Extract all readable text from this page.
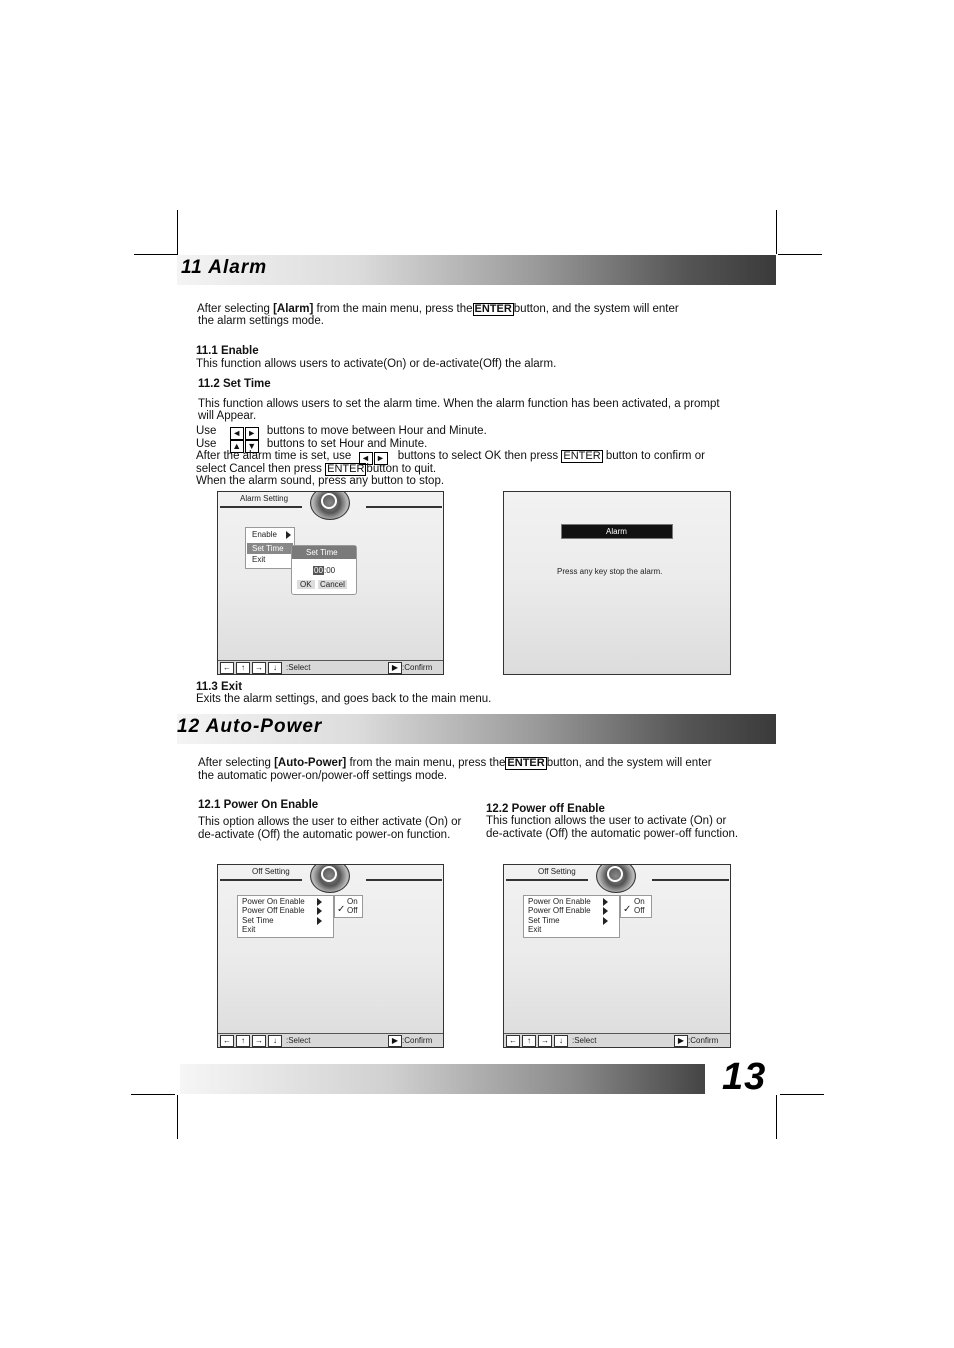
11 Alarm
After selecting [Alarm] from the main menu, press the ENTER button, and the system will enter
the alarm settings mode.
11.1 Enable
This function allows users to activate(On) or de-activate(Off) the alarm.
11.2 Set Time
This function allows users to set the alarm time. When the alarm function has been activated, a prompt
will Appear.
Use ◄ ► buttons to move between Hour and Minute.
Use ▲ ▼ buttons to set Hour and Minute.
After the alarm time is set, use ◄ ► buttons to select OK then press ENTER button to confirm or
select Cancel then press ENTER button to quit.
When the alarm sound, press any button to stop.
Alarm Setting
Enable
Set Time
Exit
Set Time
00 :00
OK	Cancel
←	↑	→	↓	:Select	▶ :Confirm
Alarm
Press any key stop the alarm.
11.3 Exit
Exits the alarm settings, and goes back to the main menu.
12 Auto-Power
After selecting [Auto-Power] from the main menu, press the ENTER button, and the system will enter
the automatic power-on/power-off settings mode.
12.1 Power On Enable
This option allows the user to either activate (On) or
de-activate (Off) the automatic power-on function.
12.2 Power off Enable
This function allows the user to activate (On) or
de-activate (Off) the automatic power-off function.
Off Setting
Power On Enable
Power Off Enable
Set Time
Exit
On
✓ Off
←	↑	→	↓	:Select	▶ :Confirm
Off Setting
Power On Enable
Power Off Enable
Set Time
Exit
On
✓ Off
←	↑	→	↓	:Select	▶ :Confirm
13
